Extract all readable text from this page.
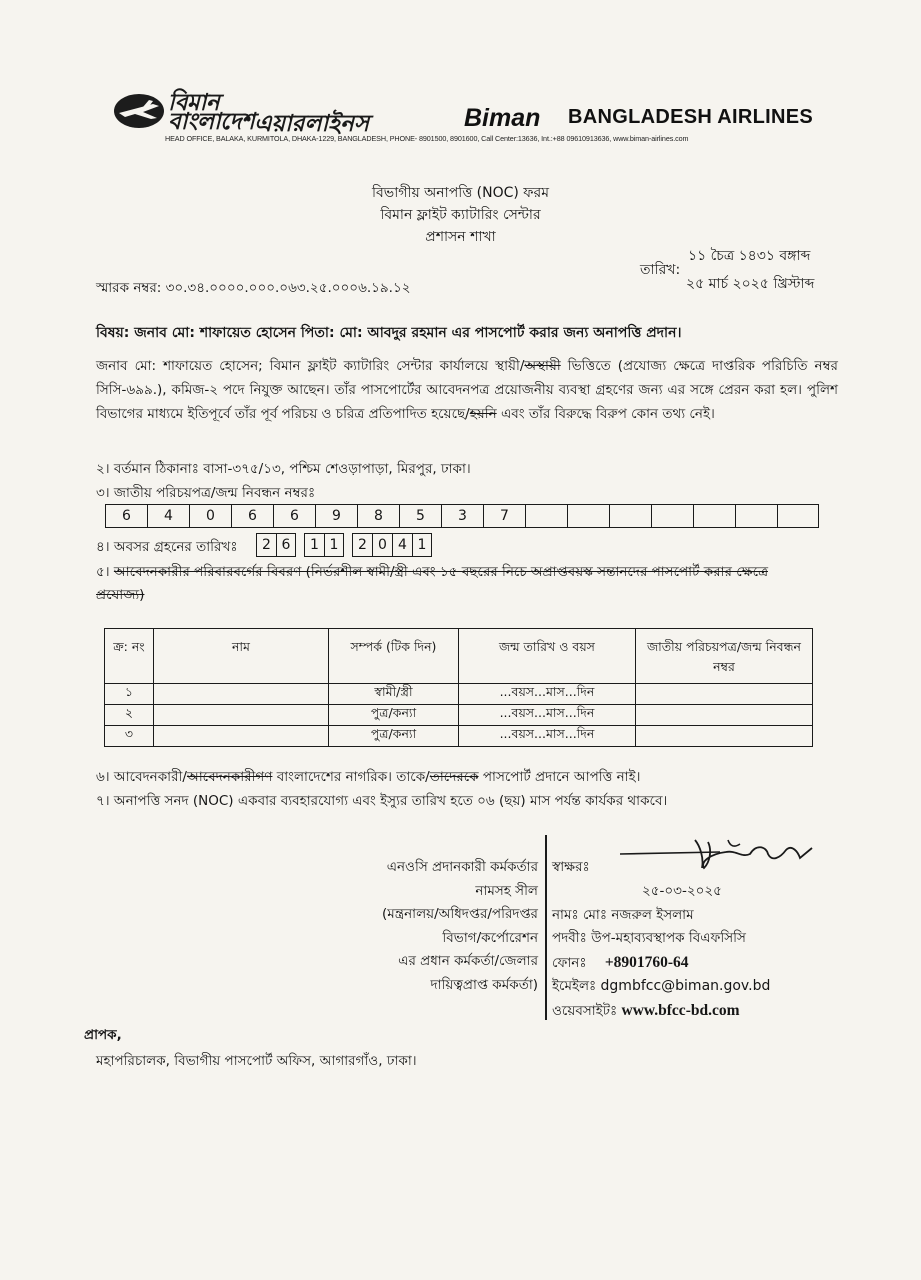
বিমান
বাংলাদেশ এয়ারলাইনস	Biman BANGLADESH AIRLINES
HEAD OFFICE, BALAKA, KURMITOLA, DHAKA-1229, BANGLADESH, PHONE- 8901500, 8901600, Call Center:13636, Int.:+88 09610913636, www.biman-airlines.com
বিভাগীয় অনাপত্তি (NOC) ফরম
বিমান ফ্লাইট ক্যাটারিং সেন্টার
প্রশাসন শাখা
১১ চৈত্র ১৪৩১ বঙ্গাব্দ
তারিখ:
২৫ মার্চ ২০২৫ খ্রিস্টাব্দ
স্মারক নম্বর: ৩০.৩৪.০০০০.০০০.০৬৩.২৫.০০০৬.১৯.১২
বিষয়: জনাব মো: শাফায়েত হোসেন পিতা: মো: আবদুর রহমান এর পাসপোর্ট করার জন্য অনাপত্তি প্রদান।
জনাব মো: শাফায়েত হোসেন; বিমান ফ্লাইট ক্যাটারিং সেন্টার কার্যালয়ে স্থায়ী/অস্থায়ী ভিত্তিতে (প্রযোজ্য ক্ষেত্রে দাপ্তরিক পরিচিতি নম্বর সিসি-৬৯৯.), কমিজ-২ পদে নিযুক্ত আছেন। তাঁর পাসপোর্টের আবেদনপত্র প্রয়োজনীয় ব্যবস্থা গ্রহণের জন্য এর সঙ্গে প্রেরন করা হল। পুলিশ বিভাগের মাধ্যমে ইতিপূর্বে তাঁর পূর্ব পরিচয় ও চরিত্র প্রতিপাদিত হয়েছে/হয়নি এবং তাঁর বিরুদ্ধে বিরুপ কোন তথ্য নেই।
২। বর্তমান ঠিকানাঃ বাসা-৩৭৫/১৩, পশ্চিম শেওড়াপাড়া, মিরপুর, ঢাকা।
৩। জাতীয় পরিচয়পত্র/জন্ম নিবন্ধন নম্বরঃ
6	4	0	6	6	9	8	5	3	7
৪। অবসর গ্রহনের তারিখঃ	2 6	1 1	2 0 4 1
৫। আবেদনকারীর পরিবারবর্গের বিবরণ (নির্ভরশীল স্বামী/স্ত্রী এবং ১৫ বছরের নিচে অপ্রাপ্তবয়স্ক সন্তানদের পাসপোর্ট করার ক্ষেত্রে প্রযোজ্য)
ক্র: নং	নাম	সম্পর্ক (টিক দিন)	জন্ম তারিখ ও বয়স	জাতীয় পরিচয়পত্র/জন্ম নিবন্ধন নম্বর
১		স্বামী/স্ত্রী	...বয়স...মাস...দিন	
২		পুত্র/কন্যা	...বয়স...মাস...দিন	
৩		পুত্র/কন্যা	...বয়স...মাস...দিন	
৬। আবেদনকারী/আবেদনকারীগণ বাংলাদেশের নাগরিক। তাকে/তাদেরকে পাসপোর্ট প্রদানে আপত্তি নাই।
৭। অনাপত্তি সনদ (NOC) একবার ব্যবহারযোগ্য এবং ইস্যুর তারিখ হতে ০৬ (ছয়) মাস পর্যন্ত কার্যকর থাকবে।
এনওসি প্রদানকারী কর্মকর্তার
নামসহ সীল
(মন্ত্রনালয়/অধিদপ্তর/পরিদপ্তর
বিভাগ/কর্পোরেশন
এর প্রধান কর্মকর্তা/জেলার
দায়িত্বপ্রাপ্ত কর্মকর্তা)
স্বাক্ষরঃ
২৫-০৩-২০২৫
নামঃ মোঃ নজরুল ইসলাম
পদবীঃ উপ-মহাব্যবস্থাপক বিএফসিসি
ফোনঃ +8901760-64
ইমেইলঃ dgmbfcc@biman.gov.bd
ওয়েবসাইটঃ www.bfcc-bd.com
প্রাপক,
মহাপরিচালক, বিভাগীয় পাসপোর্ট অফিস, আগারগাঁও, ঢাকা।
